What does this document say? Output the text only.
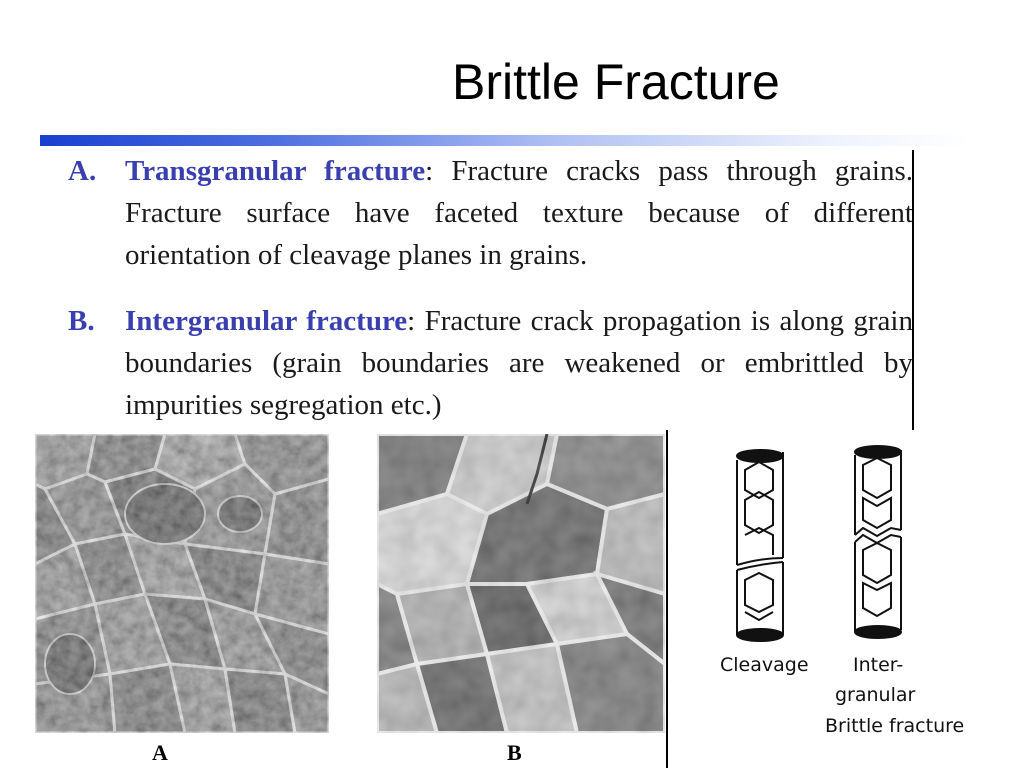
Brittle Fracture
A. Transgranular fracture: Fracture cracks pass through grains. Fracture surface have faceted texture because of different orientation of cleavage planes in grains.
B. Intergranular fracture: Fracture crack propagation is along grain boundaries (grain boundaries are weakened or embrittled by impurities segregation etc.)
A	B
Cleavage Inter-
granular
Brittle fracture
